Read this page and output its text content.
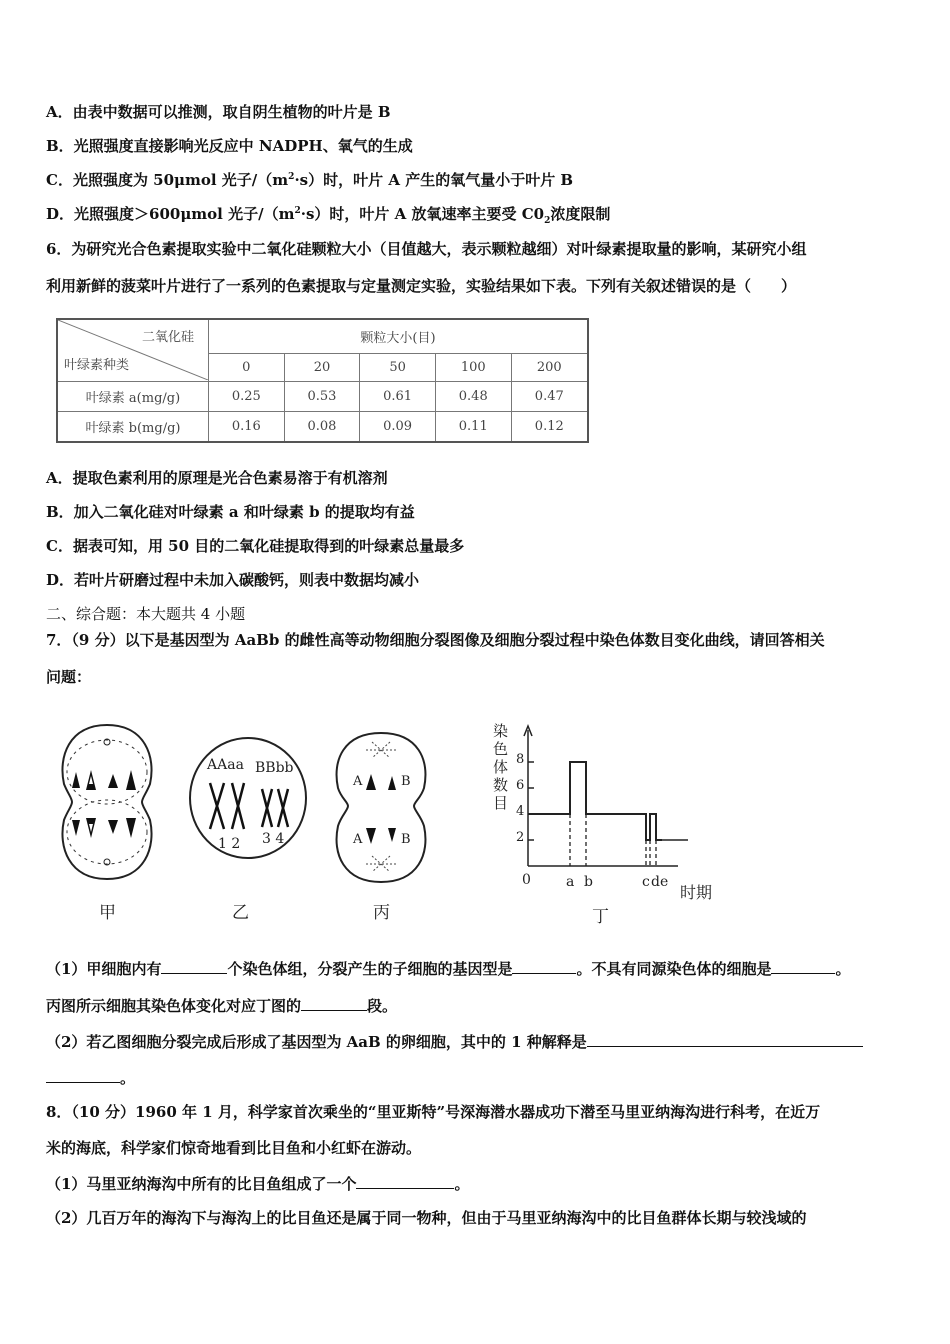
A．由表中数据可以推测，取自阴生植物的叶片是 B
B．光照强度直接影响光反应中 NADPH、氧气的生成
C．光照强度为 50μmol 光子$/(m^2\cdot s)$时，叶片 A 产生的氧气量小于叶片 B
D．光照强度＞600μmol 光子$/(m^2\cdot s)$时，叶片 A 放氧速率主要受 $C0_2$浓度限制
6．为研究光合色素提取实验中二氧化硅颗粒大小（目值越大，表示颗粒越细）对叶绿素提取量的影响，某研究小组
利用新鲜的菠菜叶片进行了一系列的色素提取与定量测定实验，实验结果如下表。下列有关叙述错误的是（　　）
二氧化硅
叶绿素种类	颗粒大小(目)				
	0	20	50	100	200
叶绿素 a(mg/g)	0.25	0.53	0.61	0.48	0.47
叶绿素 b(mg/g)	0.16	0.08	0.09	0.11	0.12
A．提取色素利用的原理是光合色素易溶于有机溶剂
B．加入二氧化硅对叶绿素 a 和叶绿素 b 的提取均有益
C．据表可知，用 50 目的二氧化硅提取得到的叶绿素总量最多
D．若叶片研磨过程中未加入碳酸钙，则表中数据均减小
二、综合题：本大题共 4 小题
7．（9 分）以下是基因型为 AaBb 的雌性高等动物细胞分裂图像及细胞分裂过程中染色体数目变化曲线，请回答相关
问题：
甲
AAaa BBbb
1 2 3 4
乙
A	B
A	B
丙
染色体数目
8
6
4
2
0	a b	c d e
时期
丁
（1）甲细胞内有	个染色体组，分裂产生的子细胞的基因型是	。不具有同源染色体的细胞是	。
丙图所示细胞其染色体变化对应丁图的	段。
（2）若乙图细胞分裂完成后形成了基因型为 AaB 的卵细胞，其中的 1 种解释是
。
8．（10 分）1960 年 1 月，科学家首次乘坐的“里亚斯特”号深海潜水器成功下潜至马里亚纳海沟进行科考，在近万
米的海底，科学家们惊奇地看到比目鱼和小红虾在游动。
（1）马里亚纳海沟中所有的比目鱼组成了一个	。
（2）几百万年的海沟下与海沟上的比目鱼还是属于同一物种，但由于马里亚纳海沟中的比目鱼群体长期与较浅域的
